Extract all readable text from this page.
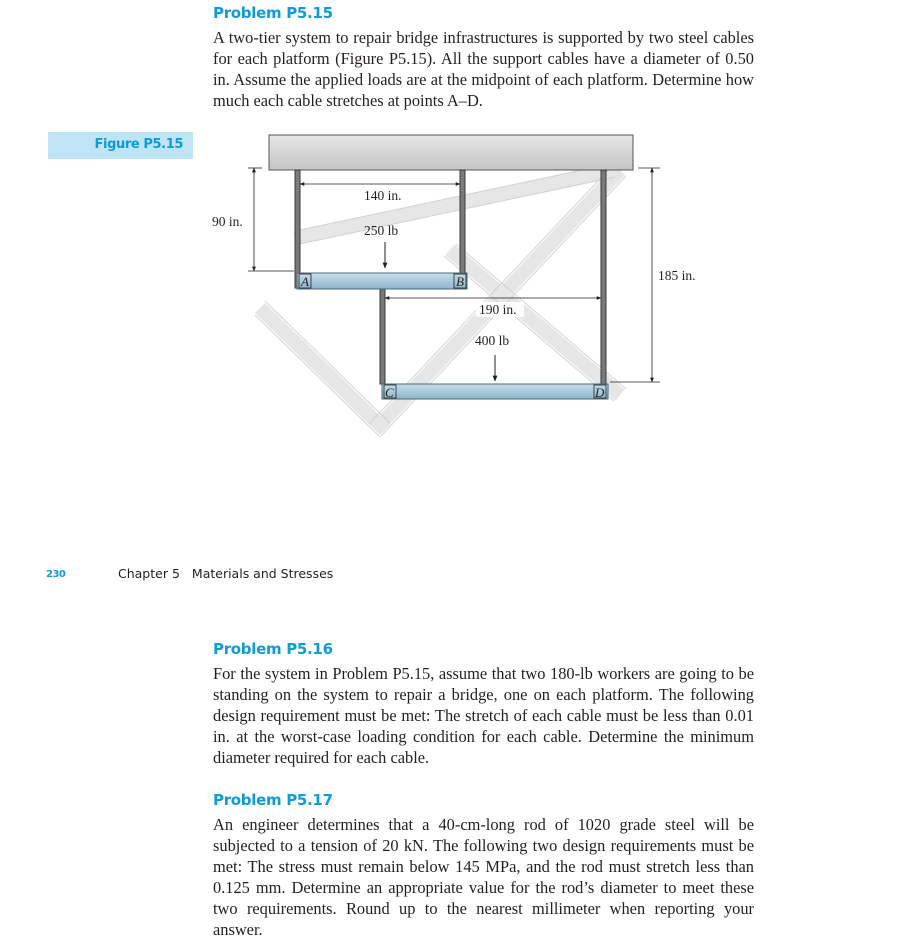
Problem P5.15

A two-tier system to repair bridge infrastructures is supported by two steel cables for each platform (Figure P5.15). All the support cables have a diameter of 0.50 in. Assume the applied loads are at the midpoint of each platform. Determine how much each cable stretches at points A–D.

Figure P5.15
A	B
C	D
140 in.
250 lb
90 in.
185 in.
190 in.
400 lb
230	Chapter 5 Materials and Stresses
Problem P5.16

For the system in Problem P5.15, assume that two 180-lb workers are going to be standing on the system to repair a bridge, one on each platform. The following design requirement must be met: The stretch of each cable must be less than 0.01 in. at the worst-case loading condition for each cable. Determine the minimum diameter required for each cable.

Problem P5.17

An engineer determines that a 40-cm-long rod of 1020 grade steel will be subjected to a tension of 20 kN. The following two design requirements must be met: The stress must remain below 145 MPa, and the rod must stretch less than 0.125 mm. Determine an appropriate value for the rod’s diameter to meet these two requirements. Round up to the nearest millimeter when reporting your answer.
